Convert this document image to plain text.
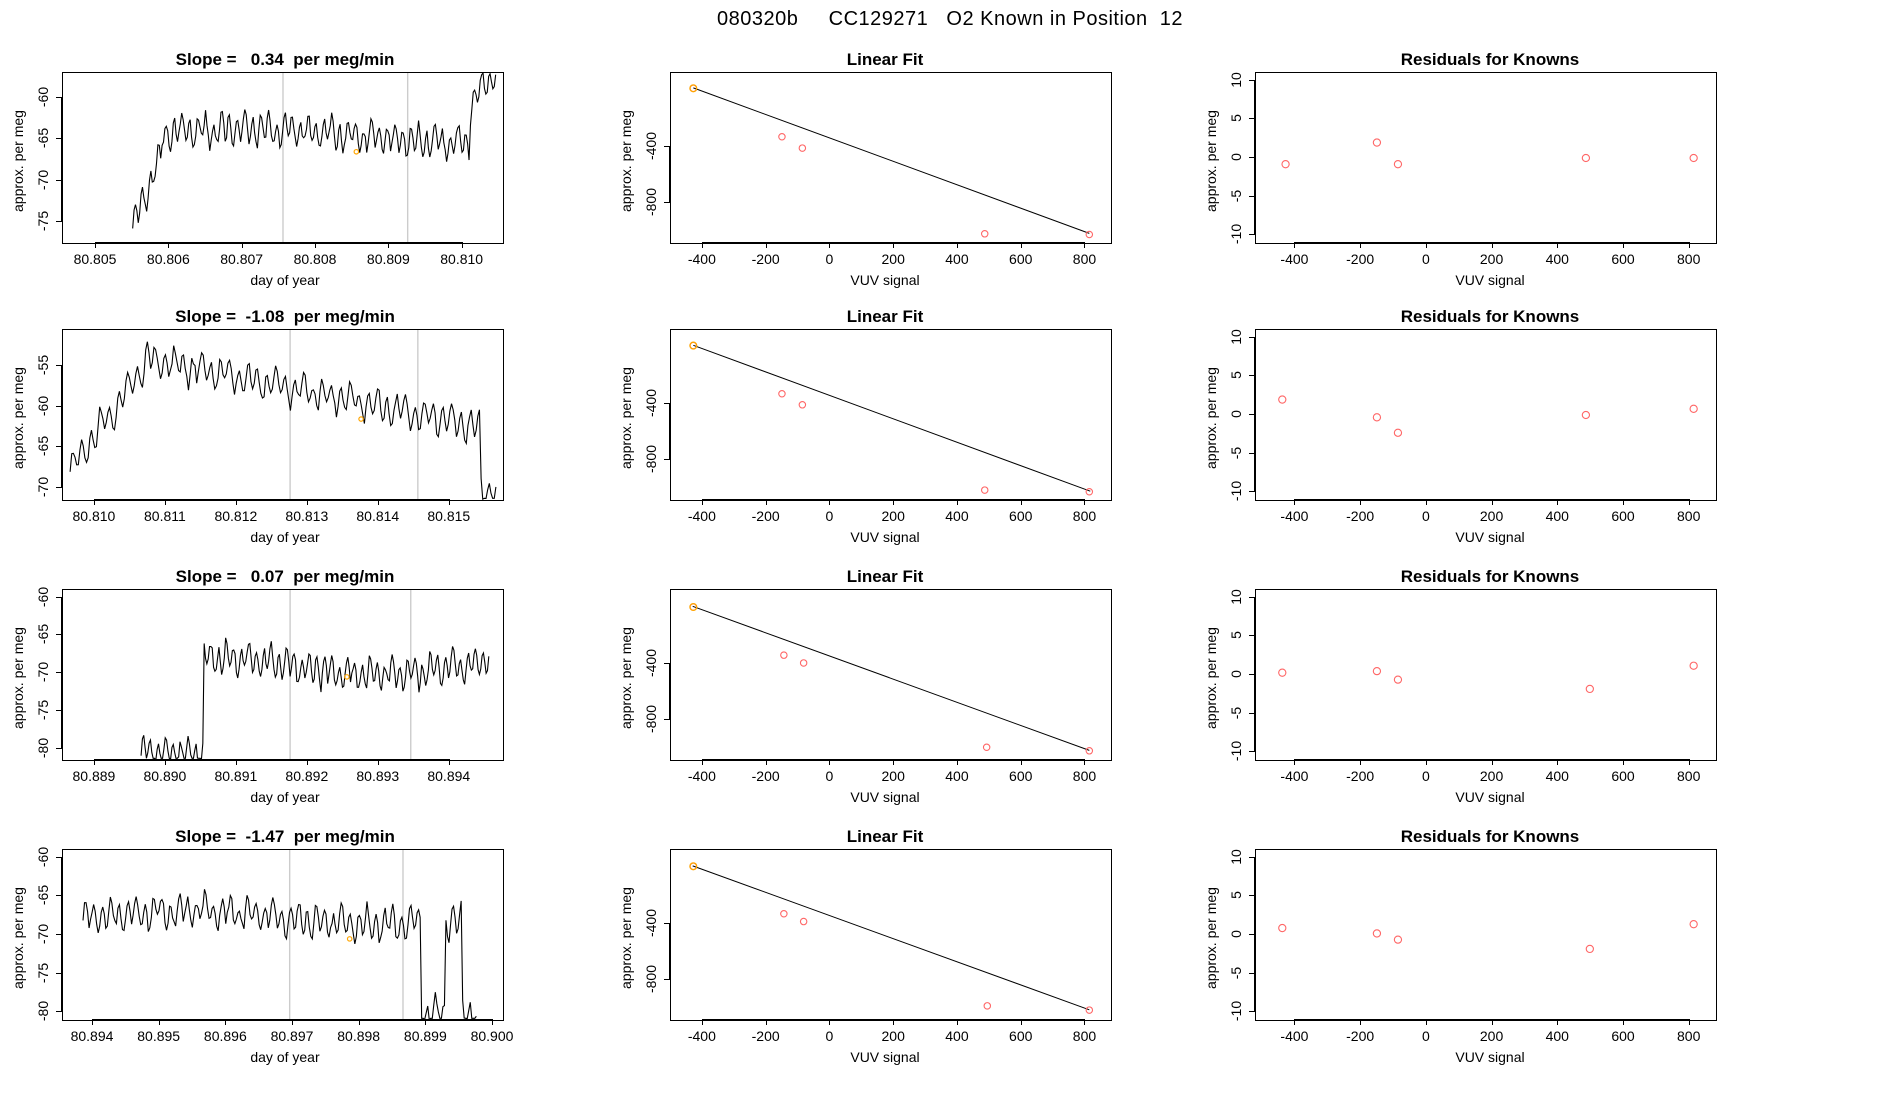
080320b     CC129271   O2 Known in Position  12
Slope =   0.34  per meg/min
80.805 80.806 80.807 80.808 80.809 80.810
-75
-70
-65
-60
day of year
approx. per meg
Linear Fit
-400	-200	0	200	400	600	800
-800
-400
VUV signal
approx. per meg
Residuals for Knowns
-400	-200	0	200	400	600	800
-10
-5
0
5
10
VUV signal
approx. per meg
Slope =  -1.08  per meg/min
80.810 80.811 80.812 80.813 80.814 80.815
-70
-65
-60
-55
day of year
approx. per meg
Linear Fit
-400	-200	0	200	400	600	800
-800
-400
VUV signal
approx. per meg
Residuals for Knowns
-400	-200	0	200	400	600	800
-10
-5
0
5
10
VUV signal
approx. per meg
Slope =   0.07  per meg/min
80.889 80.890 80.891 80.892 80.893 80.894
-80
-75
-70
-65
-60
day of year
approx. per meg
Linear Fit
-400	-200	0	200	400	600	800
-800
-400
VUV signal
approx. per meg
Residuals for Knowns
-400	-200	0	200	400	600	800
-10
-5
0
5
10
VUV signal
approx. per meg
Slope =  -1.47  per meg/min
80.894 80.895 80.896 80.897 80.898 80.899 80.900
-80
-75
-70
-65
-60
day of year
approx. per meg
Linear Fit
-400	-200	0	200	400	600	800
-800
-400
VUV signal
approx. per meg
Residuals for Knowns
-400	-200	0	200	400	600	800
-10
-5
0
5
10
VUV signal
approx. per meg
